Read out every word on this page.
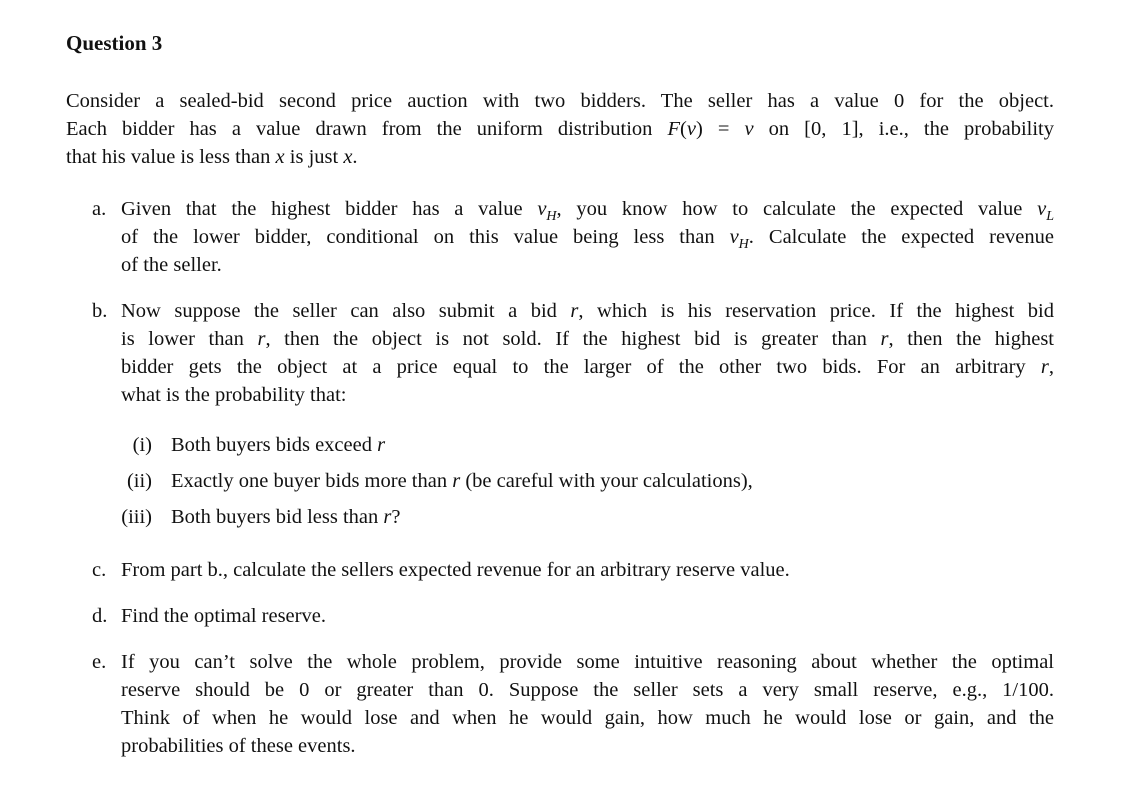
Question 3
Consider a sealed-bid second price auction with two bidders. The seller has a value 0 for the object.
Each bidder has a value drawn from the uniform distribution F(v) = v on [0, 1], i.e., the probability
that his value is less than x is just x.
a. Given that the highest bidder has a value $v_H$, you know how to calculate the expected value $v_L$
of the lower bidder, conditional on this value being less than $v_H$. Calculate the expected revenue
of the seller.
b. Now suppose the seller can also submit a bid r, which is his reservation price. If the highest bid
is lower than r, then the object is not sold. If the highest bid is greater than r, then the highest
bidder gets the object at a price equal to the larger of the other two bids. For an arbitrary r,
what is the probability that:
(i) Both buyers bids exceed r
(ii) Exactly one buyer bids more than r (be careful with your calculations),
(iii) Both buyers bid less than r?
c. From part b., calculate the sellers expected revenue for an arbitrary reserve value.
d. Find the optimal reserve.
e. If you can’t solve the whole problem, provide some intuitive reasoning about whether the optimal
reserve should be 0 or greater than 0. Suppose the seller sets a very small reserve, e.g., 1/100.
Think of when he would lose and when he would gain, how much he would lose or gain, and the
probabilities of these events.
